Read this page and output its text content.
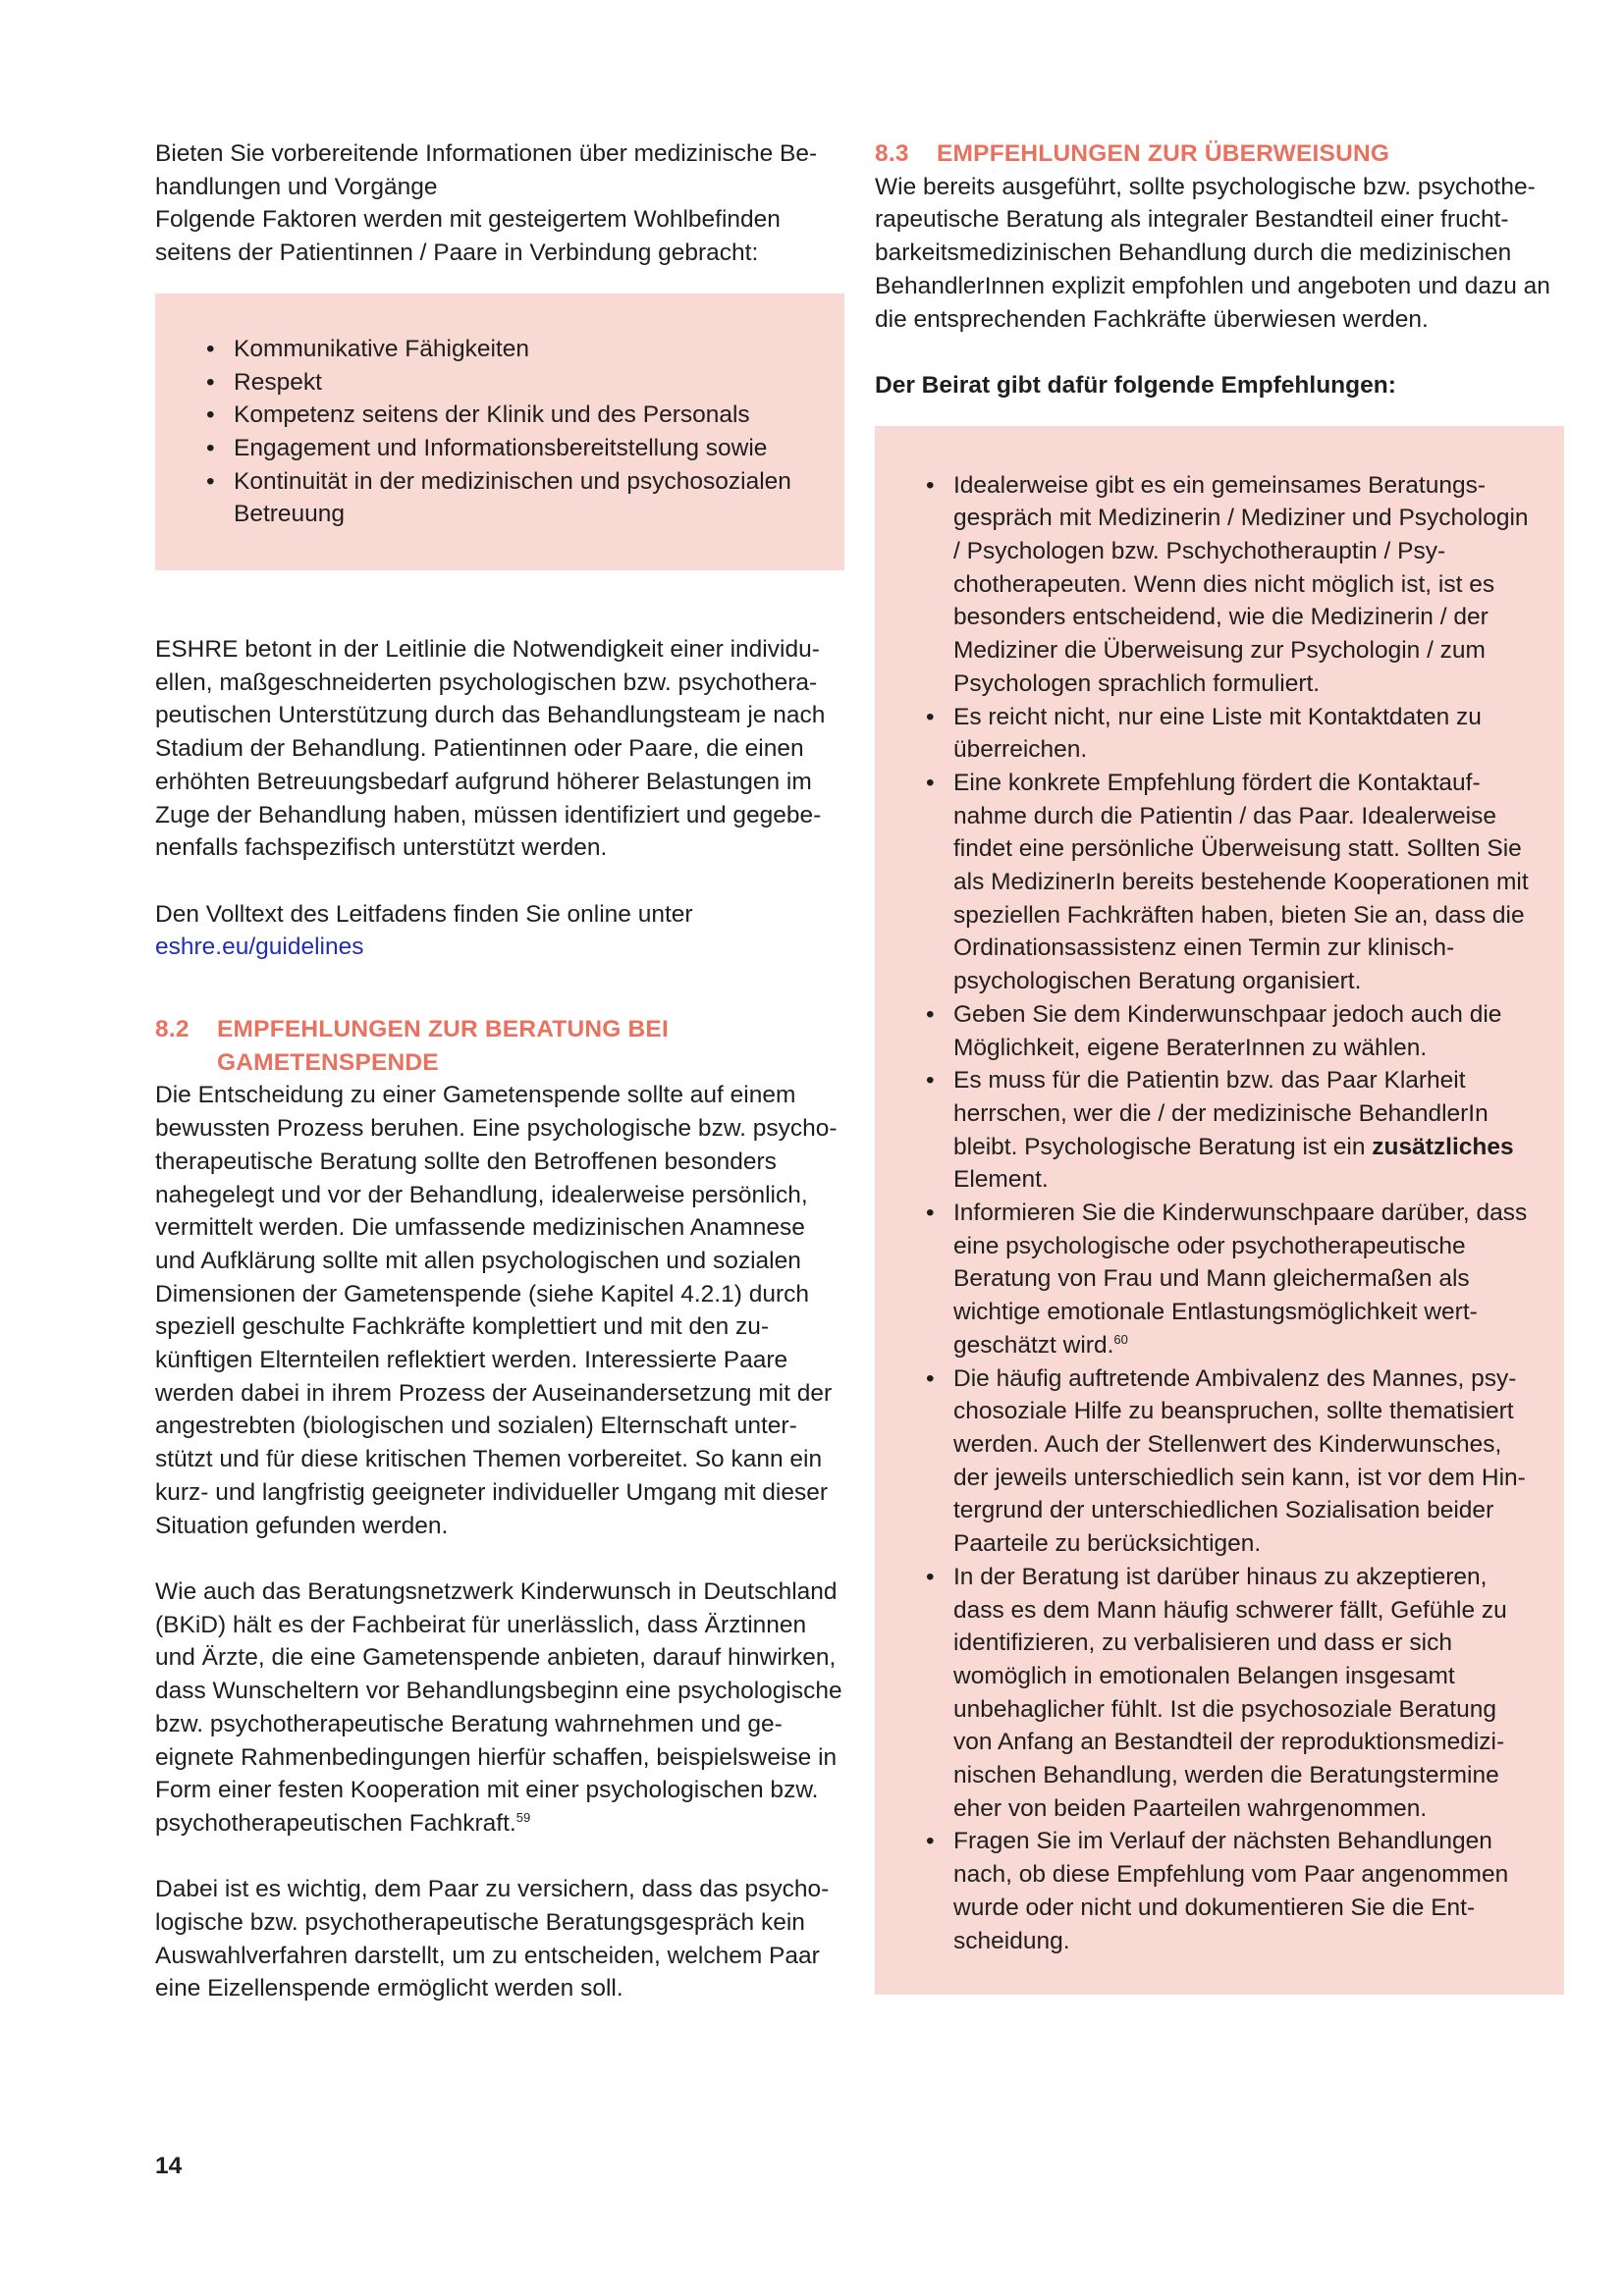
Bieten Sie vorbereitende Informationen über medizinische Behandlungen und Vorgänge

Folgende Faktoren werden mit gesteigertem Wohlbefinden seitens der Patientinnen / Paare in Verbindung gebracht:

• Kommunikative Fähigkeiten
• Respekt
• Kompetenz seitens der Klinik und des Personals
• Engagement und Informationsbereitstellung sowie
• Kontinuität in der medizinischen und psychosozialen Betreuung

ESHRE betont in der Leitlinie die Notwendigkeit einer individuellen, maßgeschneiderten psychologischen bzw. psychotherapeutischen Unterstützung durch das Behandlungsteam je nach Stadium der Behandlung. Patientinnen oder Paare, die einen erhöhten Betreuungsbedarf aufgrund höherer Belastungen im Zuge der Behandlung haben, müssen identifiziert und gegebenenfalls fachspezifisch unterstützt werden.

Den Volltext des Leitfadens finden Sie online unter

eshre.eu/guidelines

8.2 EMPFEHLUNGEN ZUR BERATUNG BEI GAMETENSPENDE

Die Entscheidung zu einer Gametenspende sollte auf einem bewussten Prozess beruhen. Eine psychologische bzw. psychotherapeutische Beratung sollte den Betroffenen besonders nahegelegt und vor der Behandlung, idealerweise persönlich, vermittelt werden. Die umfassende medizinischen Anamnese und Aufklärung sollte mit allen psychologischen und sozialen Dimensionen der Gametenspende (siehe Kapitel 4.2.1) durch speziell geschulte Fachkräfte komplettiert und mit den zukünftigen Elternteilen reflektiert werden. Interessierte Paare werden dabei in ihrem Prozess der Auseinandersetzung mit der angestrebten (biologischen und sozialen) Elternschaft unterstützt und für diese kritischen Themen vorbereitet. So kann ein kurz- und langfristig geeigneter individueller Umgang mit dieser Situation gefunden werden.

Wie auch das Beratungsnetzwerk Kinderwunsch in Deutschland (BKiD) hält es der Fachbeirat für unerlässlich, dass Ärztinnen und Ärzte, die eine Gametenspende anbieten, darauf hinwirken, dass Wunscheltern vor Behandlungsbeginn eine psychologische bzw. psychotherapeutische Beratung wahrnehmen und geeignete Rahmenbedingungen hierfür schaffen, beispielsweise in Form einer festen Kooperation mit einer psychologischen bzw. psychotherapeutischen Fachkraft.$^{59}$

Dabei ist es wichtig, dem Paar zu versichern, dass das psychologische bzw. psychotherapeutische Beratungsgespräch kein Auswahlverfahren darstellt, um zu entscheiden, welchem Paar eine Eizellenspende ermöglicht werden soll.

8.3 EMPFEHLUNGEN ZUR ÜBERWEISUNG

Wie bereits ausgeführt, sollte psychologische bzw. psychotherapeutische Beratung als integraler Bestandteil einer fruchtbarkeitsmedizinischen Behandlung durch die medizinischen BehandlerInnen explizit empfohlen und angeboten und dazu an die entsprechenden Fachkräfte überwiesen werden.

Der Beirat gibt dafür folgende Empfehlungen:

• Idealerweise gibt es ein gemeinsames Beratungsgespräch mit Medizinerin / Mediziner und Psychologin / Psychologen bzw. Pschychotherauptin / Psychotherapeuten. Wenn dies nicht möglich ist, ist es besonders entscheidend, wie die Medizinerin / der Mediziner die Überweisung zur Psychologin / zum Psychologen sprachlich formuliert.
• Es reicht nicht, nur eine Liste mit Kontaktdaten zu überreichen.
• Eine konkrete Empfehlung fördert die Kontaktaufnahme durch die Patientin / das Paar. Idealerweise findet eine persönliche Überweisung statt. Sollten Sie als MedizinerIn bereits bestehende Kooperationen mit speziellen Fachkräften haben, bieten Sie an, dass die Ordinationsassistenz einen Termin zur klinisch-psychologischen Beratung organisiert.
• Geben Sie dem Kinderwunschpaar jedoch auch die Möglichkeit, eigene BeraterInnen zu wählen.
• Es muss für die Patientin bzw. das Paar Klarheit herrschen, wer die / der medizinische BehandlerIn bleibt. Psychologische Beratung ist ein zusätzliches Element.
• Informieren Sie die Kinderwunschpaare darüber, dass eine psychologische oder psychotherapeutische Beratung von Frau und Mann gleichermaßen als wichtige emotionale Entlastungsmöglichkeit wertgeschätzt wird.$^{60}$
• Die häufig auftretende Ambivalenz des Mannes, psychosoziale Hilfe zu beanspruchen, sollte thematisiert werden. Auch der Stellenwert des Kinderwunsches, der jeweils unterschiedlich sein kann, ist vor dem Hintergrund der unterschiedlichen Sozialisation beider Paarteile zu berücksichtigen.
• In der Beratung ist darüber hinaus zu akzeptieren, dass es dem Mann häufig schwerer fällt, Gefühle zu identifizieren, zu verbalisieren und dass er sich womöglich in emotionalen Belangen insgesamt unbehaglicher fühlt. Ist die psychosoziale Beratung von Anfang an Bestandteil der reproduktionsmedizinischen Behandlung, werden die Beratungstermine eher von beiden Paarteilen wahrgenommen.
• Fragen Sie im Verlauf der nächsten Behandlungen nach, ob diese Empfehlung vom Paar angenommen wurde oder nicht und dokumentieren Sie die Entscheidung.
14
